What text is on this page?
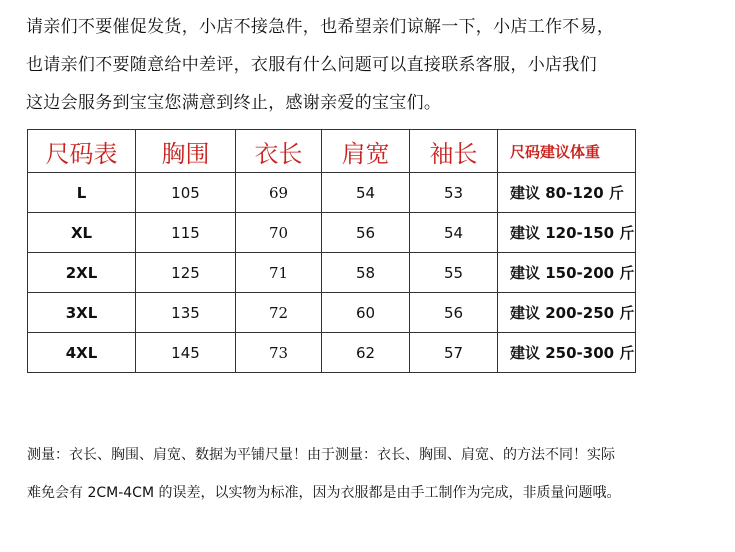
请亲们不要催促发货，小店不接急件，也希望亲们谅解一下，小店工作不易，
也请亲们不要随意给中差评，衣服有什么问题可以直接联系客服，小店我们
这边会服务到宝宝您满意到终止，感谢亲爱的宝宝们。
尺码表	胸围	衣长	肩宽	袖长	尺码建议体重
L	105	69	54	53	建议 80-120 斤
XL	115	70	56	54	建议 120-150 斤
2XL	125	71	58	55	建议 150-200 斤
3XL	135	72	60	56	建议 200-250 斤
4XL	145	73	62	57	建议 250-300 斤
测量：衣长、胸围、肩宽、数据为平铺尺量！由于测量：衣长、胸围、肩宽、的方法不同！实际
难免会有 2CM-4CM 的误差，以实物为标准，因为衣服都是由手工制作为完成，非质量问题哦。
